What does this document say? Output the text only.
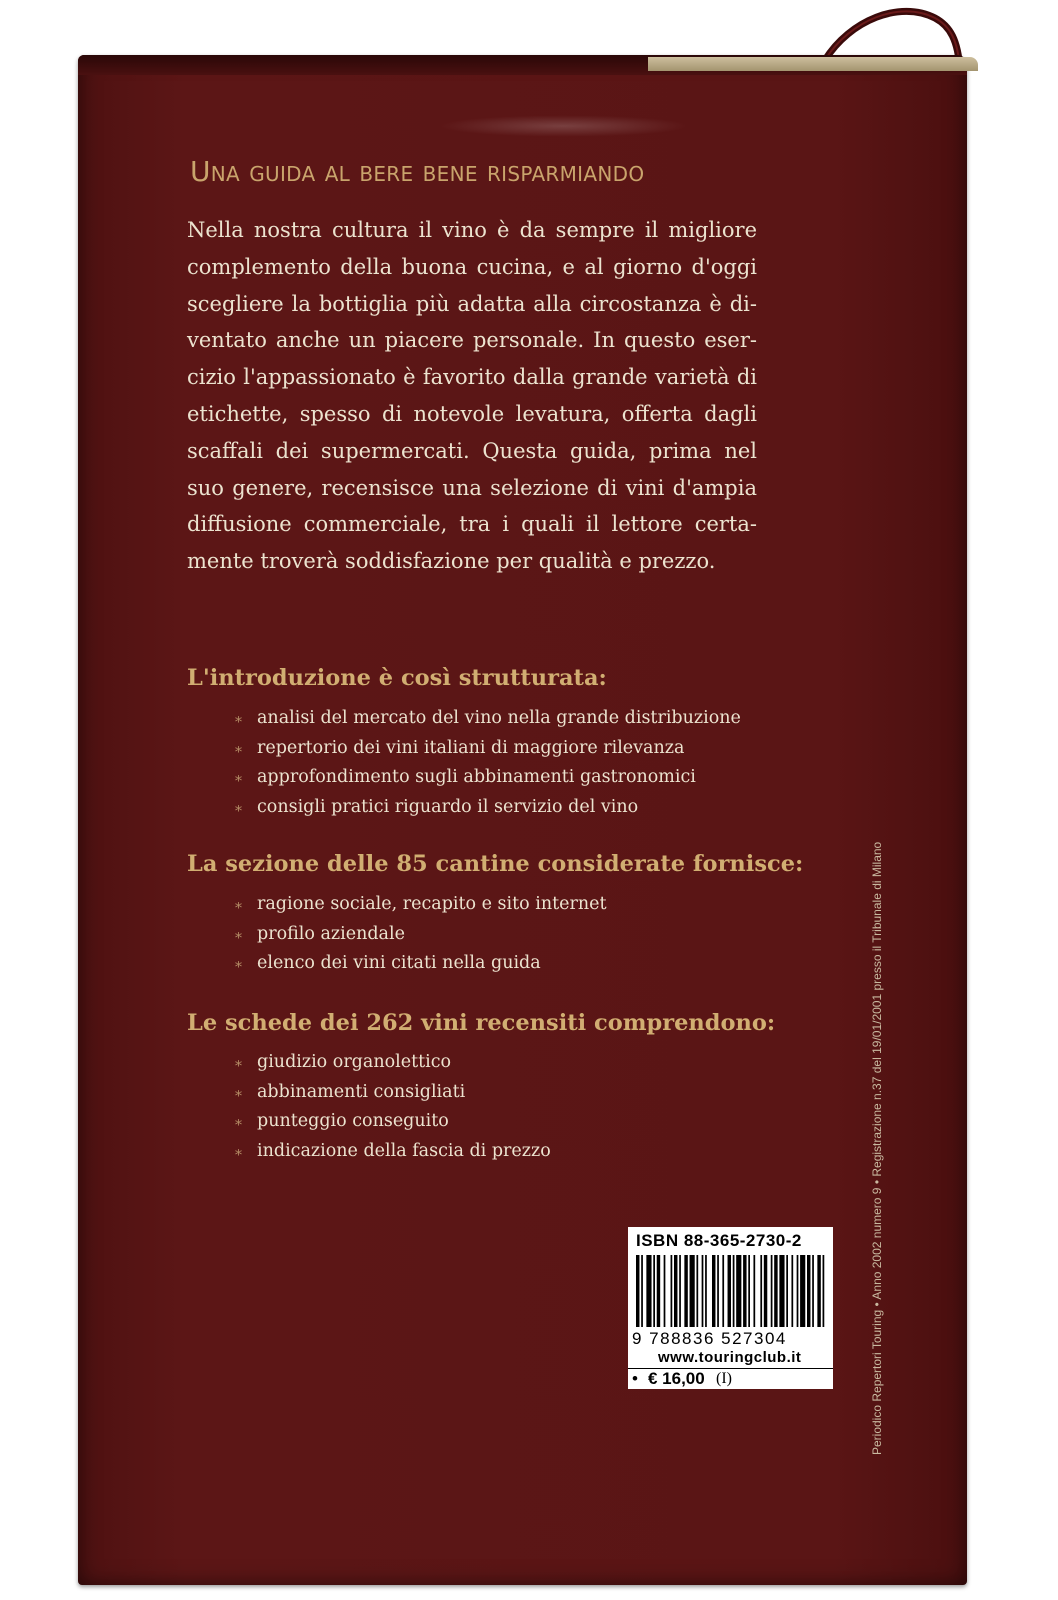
Una guida al bere bene risparmiando

Nella nostra cultura il vino è da sempre il migliore complemento della buona cucina, e al giorno d'oggi scegliere la bottiglia più adatta alla circostanza è diventato anche un piacere personale. In questo esercizio l'appassionato è favorito dalla grande varietà di etichette, spesso di notevole levatura, offerta dagli scaffali dei supermercati. Questa guida, prima nel suo genere, recensisce una selezione di vini d'ampia diffusione commerciale, tra i quali il lettore certamente troverà soddisfazione per qualità e prezzo.

L'introduzione è così strutturata:
⁎ analisi del mercato del vino nella grande distribuzione
⁎ repertorio dei vini italiani di maggiore rilevanza
⁎ approfondimento sugli abbinamenti gastronomici
⁎ consigli pratici riguardo il servizio del vino
La sezione delle 85 cantine considerate fornisce:
⁎ ragione sociale, recapito e sito internet
⁎ profilo aziendale
⁎ elenco dei vini citati nella guida
Le schede dei 262 vini recensiti comprendono:
⁎ giudizio organolettico
⁎ abbinamenti consigliati
⁎ punteggio conseguito
⁎ indicazione della fascia di prezzo	Periodico Repertori Touring • Anno 2002 numero 9 • Registrazione n.37 del 19/01/2001 presso il Tribunale di Milano
ISBN 88-365-2730-2
9 788836 527304
www.touringclub.it
• € 16,00 (I)
